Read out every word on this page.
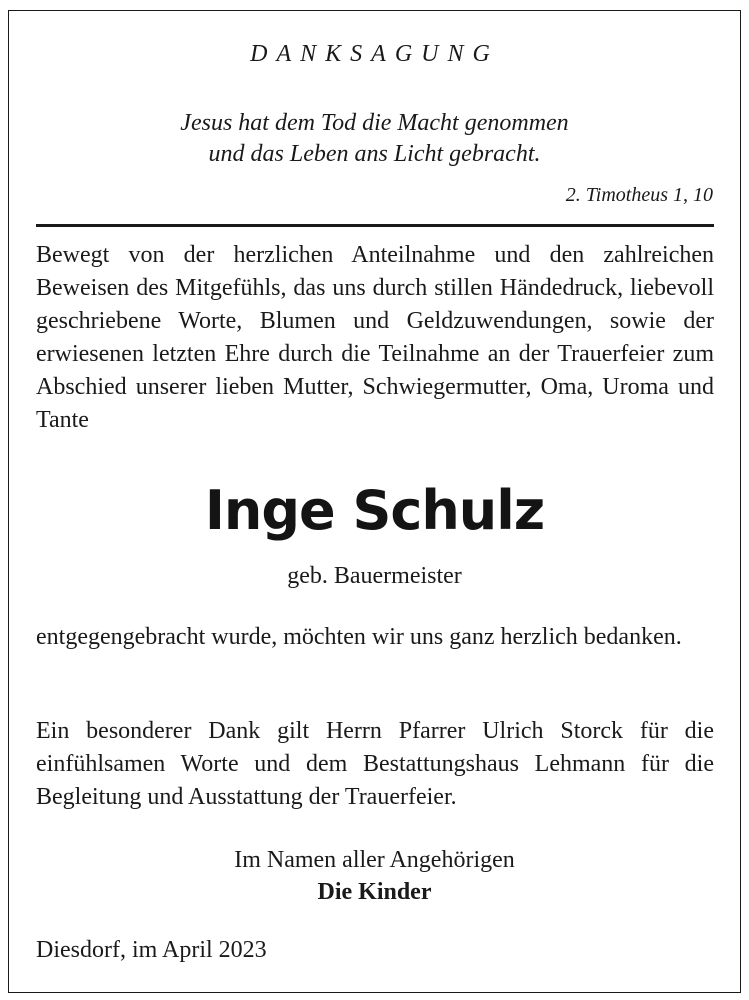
DANKSAGUNG
Jesus hat dem Tod die Macht genommen
und das Leben ans Licht gebracht.
2. Timotheus 1, 10
Bewegt von der herzlichen Anteilnahme und den zahlreichen Beweisen des Mitgefühls, das uns durch stillen Händedruck, liebevoll geschriebene Worte, Blumen und Geldzuwendungen, sowie der erwiesenen letzten Ehre durch die Teilnahme an der Trauerfeier zum Abschied unserer lieben Mutter, Schwiegermutter, Oma, Uroma und Tante
Inge Schulz
geb. Bauermeister
entgegengebracht wurde, möchten wir uns ganz herzlich bedanken.
Ein besonderer Dank gilt Herrn Pfarrer Ulrich Storck für die einfühlsamen Worte und dem Bestattungshaus Lehmann für die Begleitung und Ausstattung der Trauerfeier.
Im Namen aller Angehörigen
Die Kinder
Diesdorf, im April 2023
